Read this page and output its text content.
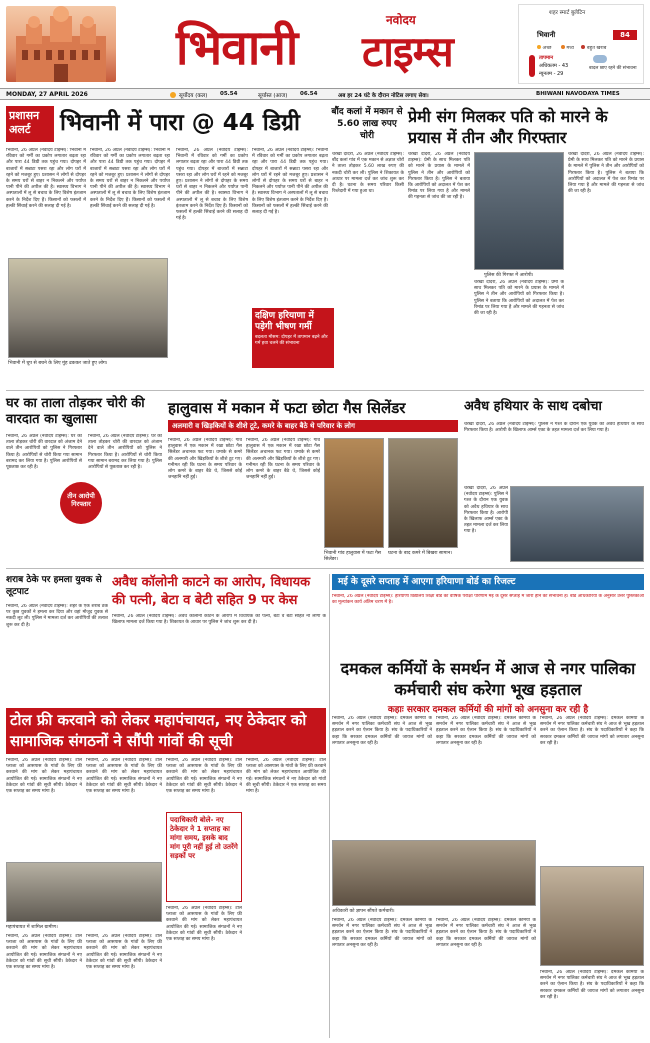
भिवानी	नवोदय
टाइम्स
शहर स्मार्ट बुलेटिन
भिवानी	84
अच्छ	मध्य	बहुत खराब
तापमान
अधिकतम - 43
न्यूनतम - 29
बादल छाए रहने की संभावना
MONDAY, 27 APRIL 2026	सूर्योदय (कल) 05.54	सूर्यास्त (आज) 06.54	अब हर 24 घंटे के दौरान नोटिस लगाए सेवा।	BHIWANI NAVODAYA TIMES
प्रशासन अलर्ट	भिवानी में पारा @ 44 डिग्री
भिवानी, 26 अप्रैल (नवोदय टाइम्स): भिवानी में रविवार को गर्मी का प्रकोप लगातार बढ़ता रहा और पारा 44 डिग्री तक पहुंच गया। दोपहर में बाजारों में सन्नाटा पसरा रहा और लोग घरों में रहने को मजबूर हुए। प्रशासन ने लोगों से दोपहर के समय घरों से बाहर न निकलने और पर्याप्त पानी पीने की अपील की है। स्वास्थ्य विभाग ने अस्पतालों में लू से बचाव के लिए विशेष इंतजाम करने के निर्देश दिए हैं। किसानों को फसलों में हल्की सिंचाई करने की सलाह दी गई है।
भिवानी, 26 अप्रैल (नवोदय टाइम्स): भिवानी में रविवार को गर्मी का प्रकोप लगातार बढ़ता रहा और पारा 44 डिग्री तक पहुंच गया। दोपहर में बाजारों में सन्नाटा पसरा रहा और लोग घरों में रहने को मजबूर हुए। प्रशासन ने लोगों से दोपहर के समय घरों से बाहर न निकलने और पर्याप्त पानी पीने की अपील की है। स्वास्थ्य विभाग ने अस्पतालों में लू से बचाव के लिए विशेष इंतजाम करने के निर्देश दिए हैं। किसानों को फसलों में हल्की सिंचाई करने की सलाह दी गई है।
भिवानी, 26 अप्रैल (नवोदय टाइम्स): भिवानी में रविवार को गर्मी का प्रकोप लगातार बढ़ता रहा और पारा 44 डिग्री तक पहुंच गया। दोपहर में बाजारों में सन्नाटा पसरा रहा और लोग घरों में रहने को मजबूर हुए। प्रशासन ने लोगों से दोपहर के समय घरों से बाहर न निकलने और पर्याप्त पानी पीने की अपील की है। स्वास्थ्य विभाग ने अस्पतालों में लू से बचाव के लिए विशेष इंतजाम करने के निर्देश दिए हैं। किसानों को फसलों में हल्की सिंचाई करने की सलाह दी गई है।
भिवानी, 26 अप्रैल (नवोदय टाइम्स): भिवानी में रविवार को गर्मी का प्रकोप लगातार बढ़ता रहा और पारा 44 डिग्री तक पहुंच गया। दोपहर में बाजारों में सन्नाटा पसरा रहा और लोग घरों में रहने को मजबूर हुए। प्रशासन ने लोगों से दोपहर के समय घरों से बाहर न निकलने और पर्याप्त पानी पीने की अपील की है। स्वास्थ्य विभाग ने अस्पतालों में लू से बचाव के लिए विशेष इंतजाम करने के निर्देश दिए हैं। किसानों को फसलों में हल्की सिंचाई करने की सलाह दी गई है।
भिवानी में धूप से बचने के लिए मुंह ढककर जाते हुए लोग।
दक्षिण हरियाणा में पड़ेगी भीषण गर्मी
बदलता मौसम: दोपहर में तापमान बढ़ने और गर्म हवा चलने की संभावना
बौंद कलां में मकान से 5.60 लाख रुपए चोरी
चरखी दादरी, 26 अप्रैल (नवोदय टाइम्स): बौंद कलां गांव में एक मकान से अज्ञात चोरों ने ताला तोड़कर 5.60 लाख रुपए की नकदी चोरी कर ली। पुलिस ने शिकायत के आधार पर मामला दर्ज कर जांच शुरू कर दी है। घटना के समय परिवार किसी रिश्तेदारी में गया हुआ था।
प्रेमी संग मिलकर पति को मारने के प्रयास में तीन और गिरफ्तार
चरखी दादरी, 26 अप्रैल (नवोदय टाइम्स): प्रेमी के साथ मिलकर पति को मारने के प्रयास के मामले में पुलिस ने तीन और आरोपियों को गिरफ्तार किया है। पुलिस ने बताया कि आरोपियों को अदालत में पेश कर रिमांड पर लिया गया है और मामले की गहनता से जांच की जा रही है।
पुलिस की गिरफ्त में आरोपी।
चरखी दादरी, 26 अप्रैल (नवोदय टाइम्स): प्रेमी के साथ मिलकर पति को मारने के प्रयास के मामले में पुलिस ने तीन और आरोपियों को गिरफ्तार किया है। पुलिस ने बताया कि आरोपियों को अदालत में पेश कर रिमांड पर लिया गया है और मामले की गहनता से जांच की जा रही है।
चरखी दादरी, 26 अप्रैल (नवोदय टाइम्स): प्रेमी के साथ मिलकर पति को मारने के प्रयास के मामले में पुलिस ने तीन और आरोपियों को गिरफ्तार किया है। पुलिस ने बताया कि आरोपियों को अदालत में पेश कर रिमांड पर लिया गया है और मामले की गहनता से जांच की जा रही है।
घर का ताला तोड़कर चोरी की वारदात का खुलासा
भिवानी, 26 अप्रैल (नवोदय टाइम्स): घर का ताला तोड़कर चोरी की वारदात को अंजाम देने वाले तीन आरोपियों को पुलिस ने गिरफ्तार किया है। आरोपियों से चोरी किया गया सामान बरामद कर लिया गया है। पुलिस आरोपियों से पूछताछ कर रही है।
तीन आरोपी गिरफ्तार
भिवानी, 26 अप्रैल (नवोदय टाइम्स): घर का ताला तोड़कर चोरी की वारदात को अंजाम देने वाले तीन आरोपियों को पुलिस ने गिरफ्तार किया है। आरोपियों से चोरी किया गया सामान बरामद कर लिया गया है। पुलिस आरोपियों से पूछताछ कर रही है।
हालुवास में मकान में फटा छोटा गैस सिलेंडर
अलमारी व खिड़कियों के शीशे टूटे, कमरे के बाहर बैठे थे परिवार के लोग
भिवानी, 26 अप्रैल (नवोदय टाइम्स): गांव हालुवास में एक मकान में रखा छोटा गैस सिलेंडर अचानक फट गया। धमाके से कमरे की अलमारी और खिड़कियों के शीशे टूट गए। गनीमत रही कि घटना के समय परिवार के लोग कमरे के बाहर बैठे थे, जिससे कोई जनहानि नहीं हुई।
भिवानी, 26 अप्रैल (नवोदय टाइम्स): गांव हालुवास में एक मकान में रखा छोटा गैस सिलेंडर अचानक फट गया। धमाके से कमरे की अलमारी और खिड़कियों के शीशे टूट गए। गनीमत रही कि घटना के समय परिवार के लोग कमरे के बाहर बैठे थे, जिससे कोई जनहानि नहीं हुई।
भिवानी गांव हालुवास में फटा गैस सिलेंडर।
घटना के बाद कमरे में बिखरा सामान।
अवैध हथियार के साथ दबोचा
चरखी दादरी, 26 अप्रैल (नवोदय टाइम्स): पुलिस ने गश्त के दौरान एक युवक को अवैध हथियार के साथ गिरफ्तार किया है। आरोपी के खिलाफ आर्म्स एक्ट के तहत मामला दर्ज कर लिया गया है।
चरखी दादरी, 26 अप्रैल (नवोदय टाइम्स): पुलिस ने गश्त के दौरान एक युवक को अवैध हथियार के साथ गिरफ्तार किया है। आरोपी के खिलाफ आर्म्स एक्ट के तहत मामला दर्ज कर लिया गया है।
शराब ठेके पर हमला युवक से लूटपाट
भिवानी, 26 अप्रैल (नवोदय टाइम्स): शहर के एक शराब ठेके पर कुछ युवकों ने हमला कर दिया और वहां मौजूद युवक से नकदी लूट ली। पुलिस ने मामला दर्ज कर आरोपियों की तलाश शुरू कर दी है।
अवैध कॉलोनी काटने का आरोप, विधायक की पत्नी, बेटा व बेटी सहित 9 पर केस
भिवानी, 26 अप्रैल (नवोदय टाइम्स): अवैध कॉलोनी काटने के आरोप में विधायक की पत्नी, बेटा व बेटी सहित नौ लोगों के खिलाफ मामला दर्ज किया गया है। शिकायत के आधार पर पुलिस ने जांच शुरू कर दी है।
मई के दूसरे सप्ताह में आएगा हरियाणा बोर्ड का रिजल्ट
भिवानी, 26 अप्रैल (नवोदय टाइम्स): हरियाणा विद्यालय शिक्षा बोर्ड का वार्षिक परीक्षा परिणाम मई के दूसरे सप्ताह में जारी होने की संभावना है। बोर्ड अधिकारियों के अनुसार उत्तर पुस्तिकाओं का मूल्यांकन कार्य अंतिम चरण में है।
दमकल कर्मियों के समर्थन में आज से नगर पालिका कर्मचारी संघ करेगा भूख हड़ताल
कहाः सरकार दमकल कर्मियों की मांगों को अनसुना कर रही है
भिवानी, 26 अप्रैल (नवोदय टाइम्स): दमकल कर्मियों के समर्थन में नगर पालिका कर्मचारी संघ ने आज से भूख हड़ताल करने का ऐलान किया है। संघ के पदाधिकारियों ने कहा कि सरकार दमकल कर्मियों की जायज मांगों को लगातार अनसुना कर रही है।
भिवानी, 26 अप्रैल (नवोदय टाइम्स): दमकल कर्मियों के समर्थन में नगर पालिका कर्मचारी संघ ने आज से भूख हड़ताल करने का ऐलान किया है। संघ के पदाधिकारियों ने कहा कि सरकार दमकल कर्मियों की जायज मांगों को लगातार अनसुना कर रही है।
भिवानी, 26 अप्रैल (नवोदय टाइम्स): दमकल कर्मियों के समर्थन में नगर पालिका कर्मचारी संघ ने आज से भूख हड़ताल करने का ऐलान किया है। संघ के पदाधिकारियों ने कहा कि सरकार दमकल कर्मियों की जायज मांगों को लगातार अनसुना कर रही है।
अधिकारी को ज्ञापन सौंपते कर्मचारी।
भिवानी, 26 अप्रैल (नवोदय टाइम्स): दमकल कर्मियों के समर्थन में नगर पालिका कर्मचारी संघ ने आज से भूख हड़ताल करने का ऐलान किया है। संघ के पदाधिकारियों ने कहा कि सरकार दमकल कर्मियों की जायज मांगों को लगातार अनसुना कर रही है।
भिवानी, 26 अप्रैल (नवोदय टाइम्स): दमकल कर्मियों के समर्थन में नगर पालिका कर्मचारी संघ ने आज से भूख हड़ताल करने का ऐलान किया है। संघ के पदाधिकारियों ने कहा कि सरकार दमकल कर्मियों की जायज मांगों को लगातार अनसुना कर रही है।
भिवानी, 26 अप्रैल (नवोदय टाइम्स): दमकल कर्मियों के समर्थन में नगर पालिका कर्मचारी संघ ने आज से भूख हड़ताल करने का ऐलान किया है। संघ के पदाधिकारियों ने कहा कि सरकार दमकल कर्मियों की जायज मांगों को लगातार अनसुना कर रही है।
टोल फ्री करवाने को लेकर महापंचायत, नए ठेकेदार को सामाजिक संगठनों ने सौंपी गांवों की सूची
भिवानी, 26 अप्रैल (नवोदय टाइम्स): टोल प्लाजा को आसपास के गांवों के लिए फ्री करवाने की मांग को लेकर महापंचायत आयोजित की गई। सामाजिक संगठनों ने नए ठेकेदार को गांवों की सूची सौंपी। ठेकेदार ने एक सप्ताह का समय मांगा है।
भिवानी, 26 अप्रैल (नवोदय टाइम्स): टोल प्लाजा को आसपास के गांवों के लिए फ्री करवाने की मांग को लेकर महापंचायत आयोजित की गई। सामाजिक संगठनों ने नए ठेकेदार को गांवों की सूची सौंपी। ठेकेदार ने एक सप्ताह का समय मांगा है।
भिवानी, 26 अप्रैल (नवोदय टाइम्स): टोल प्लाजा को आसपास के गांवों के लिए फ्री करवाने की मांग को लेकर महापंचायत आयोजित की गई। सामाजिक संगठनों ने नए ठेकेदार को गांवों की सूची सौंपी। ठेकेदार ने एक सप्ताह का समय मांगा है।
पदाधिकारी बोले- नए ठेकेदार ने 1 सप्ताह का मांगा समय, इसके बाद मांग पूरी नहीं हुई तो उतरेंगे सड़कों पर
भिवानी, 26 अप्रैल (नवोदय टाइम्स): टोल प्लाजा को आसपास के गांवों के लिए फ्री करवाने की मांग को लेकर महापंचायत आयोजित की गई। सामाजिक संगठनों ने नए ठेकेदार को गांवों की सूची सौंपी। ठेकेदार ने एक सप्ताह का समय मांगा है।
महापंचायत में शामिल ग्रामीण।
भिवानी, 26 अप्रैल (नवोदय टाइम्स): टोल प्लाजा को आसपास के गांवों के लिए फ्री करवाने की मांग को लेकर महापंचायत आयोजित की गई। सामाजिक संगठनों ने नए ठेकेदार को गांवों की सूची सौंपी। ठेकेदार ने एक सप्ताह का समय मांगा है।
भिवानी, 26 अप्रैल (नवोदय टाइम्स): टोल प्लाजा को आसपास के गांवों के लिए फ्री करवाने की मांग को लेकर महापंचायत आयोजित की गई। सामाजिक संगठनों ने नए ठेकेदार को गांवों की सूची सौंपी। ठेकेदार ने एक सप्ताह का समय मांगा है।
भिवानी, 26 अप्रैल (नवोदय टाइम्स): टोल प्लाजा को आसपास के गांवों के लिए फ्री करवाने की मांग को लेकर महापंचायत आयोजित की गई। सामाजिक संगठनों ने नए ठेकेदार को गांवों की सूची सौंपी। ठेकेदार ने एक सप्ताह का समय मांगा है।
